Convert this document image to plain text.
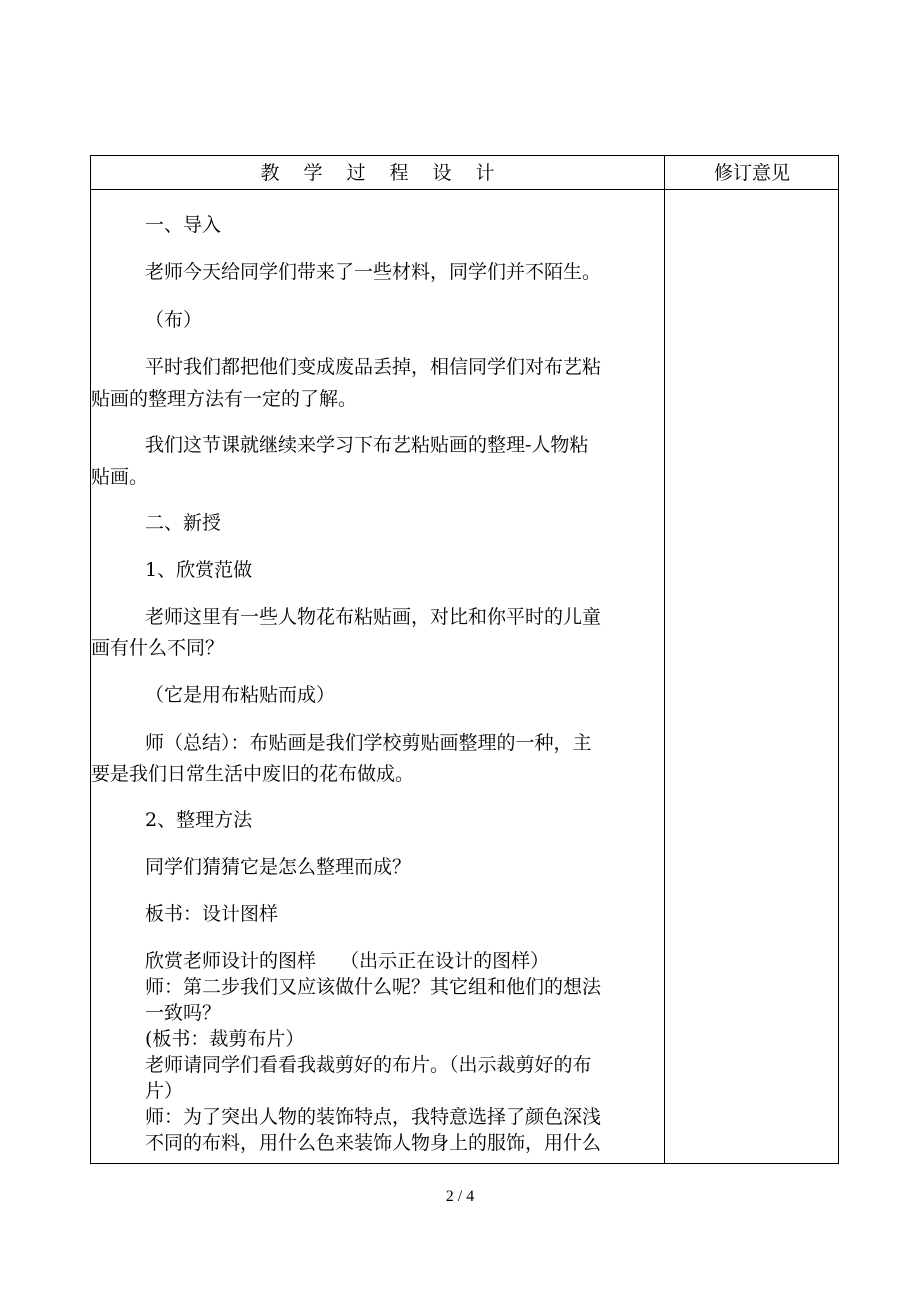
教学过程设计	修订意见

一、导入

老师今天给同学们带来了一些材料，同学们并不陌生。

（布）

平时我们都把他们变成废品丢掉，相信同学们对布艺粘

贴画的整理方法有一定的了解。

我们这节课就继续来学习下布艺粘贴画的整理-人物粘

贴画。

二、新授

1、欣赏范做

老师这里有一些人物花布粘贴画，对比和你平时的儿童

画有什么不同？

（它是用布粘贴而成）

师（总结）：布贴画是我们学校剪贴画整理的一种，主

要是我们日常生活中废旧的花布做成。

2、整理方法

同学们猜猜它是怎么整理而成？

板书：设计图样

欣赏老师设计的图样    （出示正在设计的图样）

师：第二步我们又应该做什么呢？其它组和他们的想法

一致吗？

(板书：裁剪布片）

老师请同学们看看我裁剪好的布片。（出示裁剪好的布

片）

师：为了突出人物的装饰特点，我特意选择了颜色深浅

不同的布料，用什么色来装饰人物身上的服饰，用什么

2 / 4
